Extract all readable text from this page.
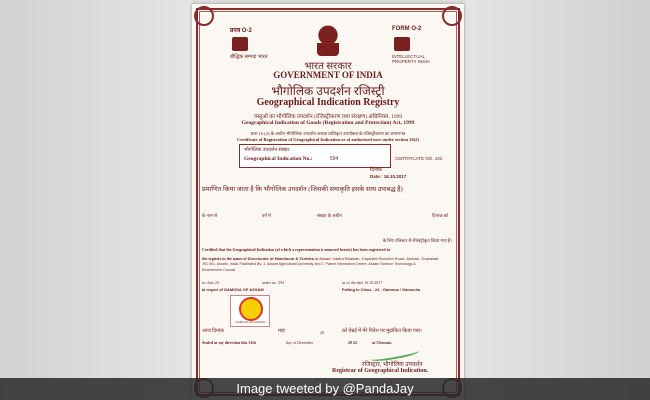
प्रपत्र O-2	FORM O-2
बौद्धिक सम्पदा भारत	INTELLECTUAL PROPERTY INDIA
भारत सरकार
GOVERNMENT OF INDIA
भौगोलिक उपदर्शन रजिस्ट्री
Geographical Indication Registry
वस्तुओं का भौगोलिक उपदर्शन (रजिस्ट्रीकरण तथा संरक्षण) अधिनियम, 1999
Geographical Indication of Goods (Registration and Protection) Act, 1999
धारा 16 (2) के अधीन भौगोलिक उपदर्शन अथवा प्राधिकृत उपयोक्ता के रजिस्ट्रीकरण का प्रमाणपत्र
Certificate of Registration of Geographical Indication or of authorised user under section 16(2)
भौगोलिक उपदर्शन संख्या:
Geographical Indication No.:	594	CERTIFICATE NO. 432
दिनांक
Date : 16.10.2017
प्रमाणित किया जाता है कि भौगोलिक उपदर्शन (जिसकी समाकृति इसके साथ उपाबद्ध है)
के नाम से	वर्ग में	संख्या के अधीन	दिनांक को
के लिए रजिस्टर में रजिस्ट्रीकृत किया गया है।
Certified that the Geographical Indication (of which a representation is annexed hereto) has been registered in
the register in the name of Directorate of Handloom & Textiles at Assam Vastra Bhawan, Gopinath Bordoloi Road, Ambari, Guwahati -
781 001, Assam, India. Facilitated By: 1. Assam Agricultural University and 2. Patent Information Centre, Assam Science Technology &
Environment Council
in class 24	under no. 594	as of the date 16.10.2017
in respect of GAMOSA OF ASSAM	Falling in Class - 24 - Gamosa / Gamocha
GAMOSA OF ASSAM
आज दिनांक	माह	20	को चेन्नई में मेरे निदेश पर मुद्रांकित किया गया।
Sealed at my direction this 13th	day of December	20 22	at Chennai.
रजिस्ट्रार, भौगोलिक उपदर्शन
Registrar of Geographical Indication.
Image tweeted by @PandaJay
